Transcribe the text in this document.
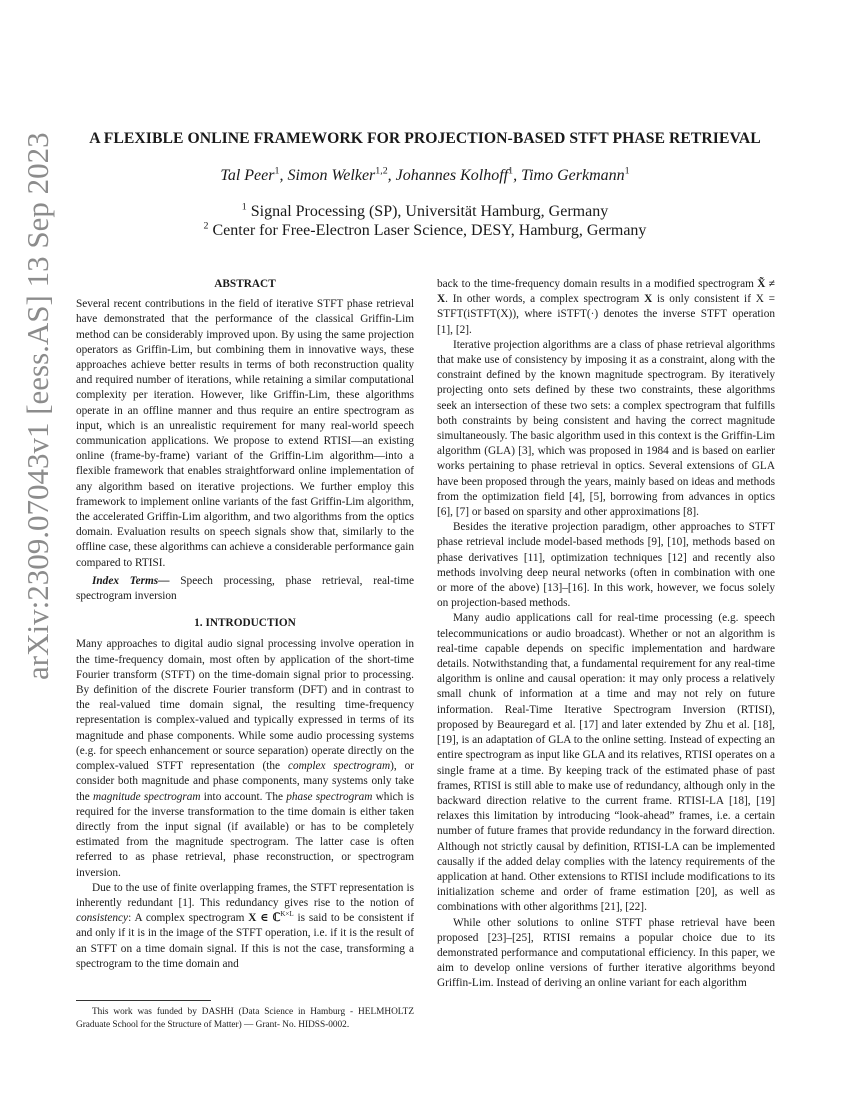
arXiv:2309.07043v1 [eess.AS] 13 Sep 2023	A FLEXIBLE ONLINE FRAMEWORK FOR PROJECTION-BASED STFT PHASE RETRIEVAL
Tal Peer$^1$, Simon Welker$^{1,2}$, Johannes Kolhoff$^1$, Timo Gerkmann$^1$
$^1$ Signal Processing (SP), Universität Hamburg, Germany
$^2$ Center for Free-Electron Laser Science, DESY, Hamburg, Germany
ABSTRACT

Several recent contributions in the field of iterative STFT phase retrieval have demonstrated that the performance of the classical Griffin-Lim method can be considerably improved upon. By using the same projection operators as Griffin-Lim, but combining them in innovative ways, these approaches achieve better results in terms of both reconstruction quality and required number of iterations, while retaining a similar computational complexity per iteration. However, like Griffin-Lim, these algorithms operate in an offline manner and thus require an entire spectrogram as input, which is an unrealistic requirement for many real-world speech communication applications. We propose to extend RTISI—an existing online (frame-by-frame) variant of the Griffin-Lim algorithm—into a flexible framework that enables straightforward online implementation of any algorithm based on iterative projections. We further employ this framework to implement online variants of the fast Griffin-Lim algorithm, the accelerated Griffin-Lim algorithm, and two algorithms from the optics domain. Evaluation results on speech signals show that, similarly to the offline case, these algorithms can achieve a considerable performance gain compared to RTISI.

Index Terms— Speech processing, phase retrieval, real-time spectrogram inversion

1. INTRODUCTION

Many approaches to digital audio signal processing involve operation in the time-frequency domain, most often by application of the short-time Fourier transform (STFT) on the time-domain signal prior to processing. By definition of the discrete Fourier transform (DFT) and in contrast to the real-valued time domain signal, the resulting time-frequency representation is complex-valued and typically expressed in terms of its magnitude and phase components. While some audio processing systems (e.g. for speech enhancement or source separation) operate directly on the complex-valued STFT representation (the complex spectrogram), or consider both magnitude and phase components, many systems only take the magnitude spectrogram into account. The phase spectrogram which is required for the inverse transformation to the time domain is either taken directly from the input signal (if available) or has to be completely estimated from the magnitude spectrogram. The latter case is often referred to as phase retrieval, phase reconstruction, or spectrogram inversion.

Due to the use of finite overlapping frames, the STFT representation is inherently redundant [1]. This redundancy gives rise to the notion of consistency: A complex spectrogram X ∈ ℂ$^{K\times L}$ is said to be consistent if and only if it is in the image of the STFT operation, i.e. if it is the result of an STFT on a time domain signal. If this is not the case, transforming a spectrogram to the time domain and

back to the time-frequency domain results in a modified spectrogram X̃ ≠ X. In other words, a complex spectrogram X is only consistent if X = STFT(iSTFT(X)), where iSTFT(·) denotes the inverse STFT operation [1], [2].

Iterative projection algorithms are a class of phase retrieval algorithms that make use of consistency by imposing it as a constraint, along with the constraint defined by the known magnitude spectrogram. By iteratively projecting onto sets defined by these two constraints, these algorithms seek an intersection of these two sets: a complex spectrogram that fulfills both constraints by being consistent and having the correct magnitude simultaneously. The basic algorithm used in this context is the Griffin-Lim algorithm (GLA) [3], which was proposed in 1984 and is based on earlier works pertaining to phase retrieval in optics. Several extensions of GLA have been proposed through the years, mainly based on ideas and methods from the optimization field [4], [5], borrowing from advances in optics [6], [7] or based on sparsity and other approximations [8].

Besides the iterative projection paradigm, other approaches to STFT phase retrieval include model-based methods [9], [10], methods based on phase derivatives [11], optimization techniques [12] and recently also methods involving deep neural networks (often in combination with one or more of the above) [13]–[16]. In this work, however, we focus solely on projection-based methods.

Many audio applications call for real-time processing (e.g. speech telecommunications or audio broadcast). Whether or not an algorithm is real-time capable depends on specific implementation and hardware details. Notwithstanding that, a fundamental requirement for any real-time algorithm is online and causal operation: it may only process a relatively small chunk of information at a time and may not rely on future information. Real-Time Iterative Spectrogram Inversion (RTISI), proposed by Beauregard et al. [17] and later extended by Zhu et al. [18], [19], is an adaptation of GLA to the online setting. Instead of expecting an entire spectrogram as input like GLA and its relatives, RTISI operates on a single frame at a time. By keeping track of the estimated phase of past frames, RTISI is still able to make use of redundancy, although only in the backward direction relative to the current frame. RTISI-LA [18], [19] relaxes this limitation by introducing “look-ahead” frames, i.e. a certain number of future frames that provide redundancy in the forward direction. Although not strictly causal by definition, RTISI-LA can be implemented causally if the added delay complies with the latency requirements of the application at hand. Other extensions to RTISI include modifications to its initialization scheme and order of frame estimation [20], as well as combinations with other algorithms [21], [22].

While other solutions to online STFT phase retrieval have been proposed [23]–[25], RTISI remains a popular choice due to its demonstrated performance and computational efficiency. In this paper, we aim to develop online versions of further iterative algorithms beyond Griffin-Lim. Instead of deriving an online variant for each algorithm

This work was funded by DASHH (Data Science in Hamburg - HELMHOLTZ Graduate School for the Structure of Matter) — Grant- No. HIDSS-0002.
